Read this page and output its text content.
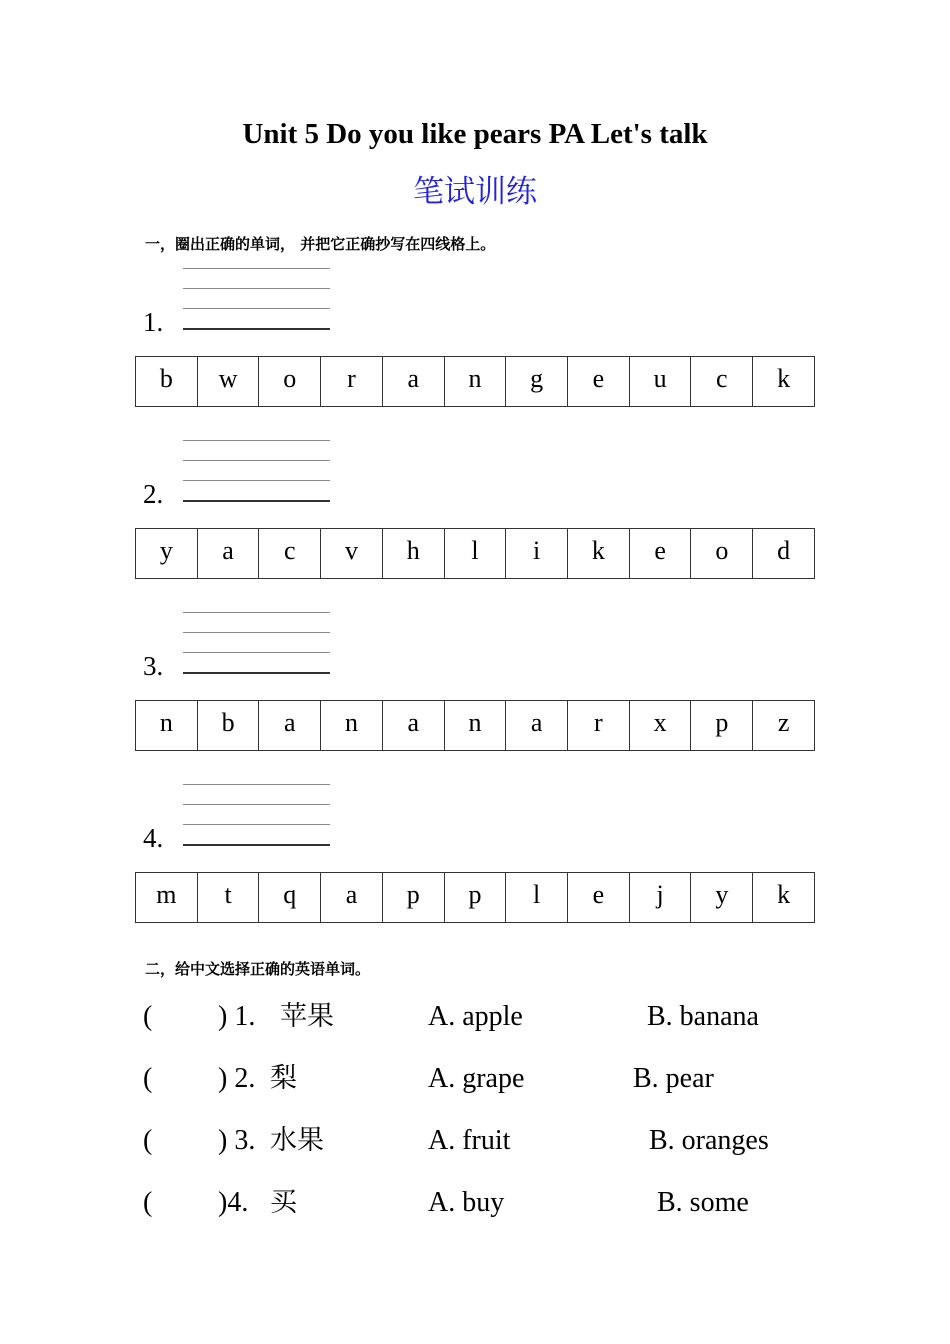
Unit 5 Do you like pears PA Let's talk
笔试训练
一，圈出正确的单词， 并把它正确抄写在四线格上。
1.
b	w	o	r	a	n	g	e	u	c	k
2.
y	a	c	v	h	l	i	k	e	o	d
3.
n	b	a	n	a	n	a	r	x	p	z
4.
m	t	q	a	p	p	l	e	j	y	k
二，给中文选择正确的英语单词。
( ) 1. 苹果	A. apple	B. banana
( ) 2. 梨	A. grape	B. pear
( ) 3. 水果	A. fruit	B. oranges
( )4. 买	A. buy	B. some
